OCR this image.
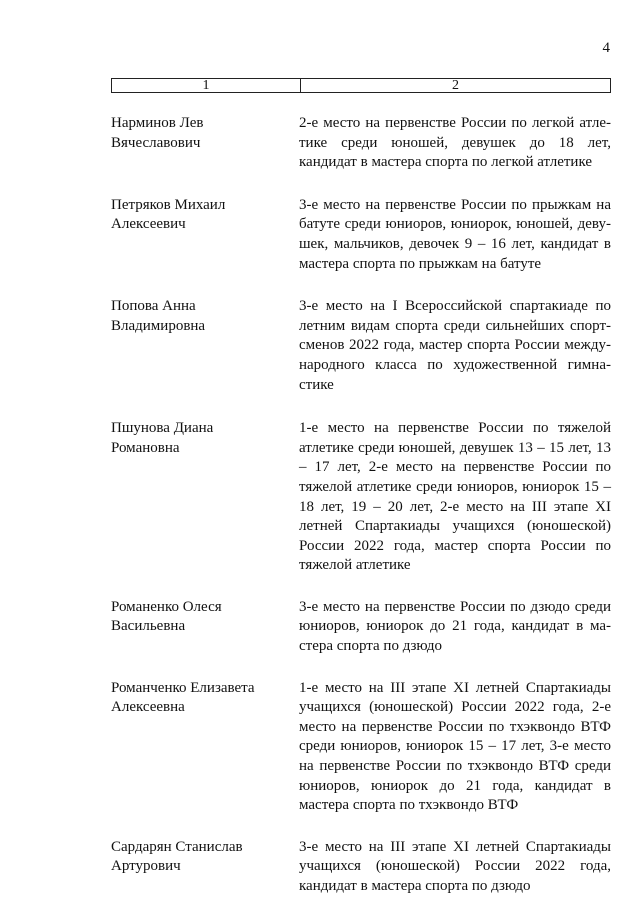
4
1	2
Нарминов Лев
Вячеславович
2-е место на первенстве России по легкой атлетике среди юношей, девушек до 18 лет, кандидат в мастера спорта по легкой атлетике
Петряков Михаил
Алексеевич
3-е место на первенстве России по прыжкам на батуте среди юниоров, юниорок, юношей, девушек, мальчиков, девочек 9 – 16 лет, кандидат в мастера спорта по прыжкам на батуте
Попова Анна
Владимировна
3-е место на I Всероссийской спартакиаде по летним видам спорта среди сильнейших спортсменов 2022 года, мастер спорта России международного класса по художественной гимнастике
Пшунова Диана
Романовна
1-е место на первенстве России по тяжелой атлетике среди юношей, девушек 13 – 15 лет, 13 – 17 лет, 2-е место на первенстве России по тяжелой атлетике среди юниоров, юниорок 15 – 18 лет, 19 – 20 лет, 2-е место на III этапе XI летней Спартакиады учащихся (юношеской) России 2022 года, мастер спорта России по тяжелой атлетике
Романенко Олеся
Васильевна
3-е место на первенстве России по дзюдо среди юниоров, юниорок до 21 года, кандидат в мастера спорта по дзюдо
Романченко Елизавета
Алексеевна
1-е место на III этапе XI летней Спартакиады учащихся (юношеской) России 2022 года, 2-е место на первенстве России по тхэквондо ВТФ среди юниоров, юниорок 15 – 17 лет, 3-е место на первенстве России по тхэквондо ВТФ среди юниоров, юниорок до 21 года, кандидат в мастера спорта по тхэквондо ВТФ
Сардарян Станислав
Артурович
3-е место на III этапе XI летней Спартакиады учащихся (юношеской) России 2022 года, кандидат в мастера спорта по дзюдо
